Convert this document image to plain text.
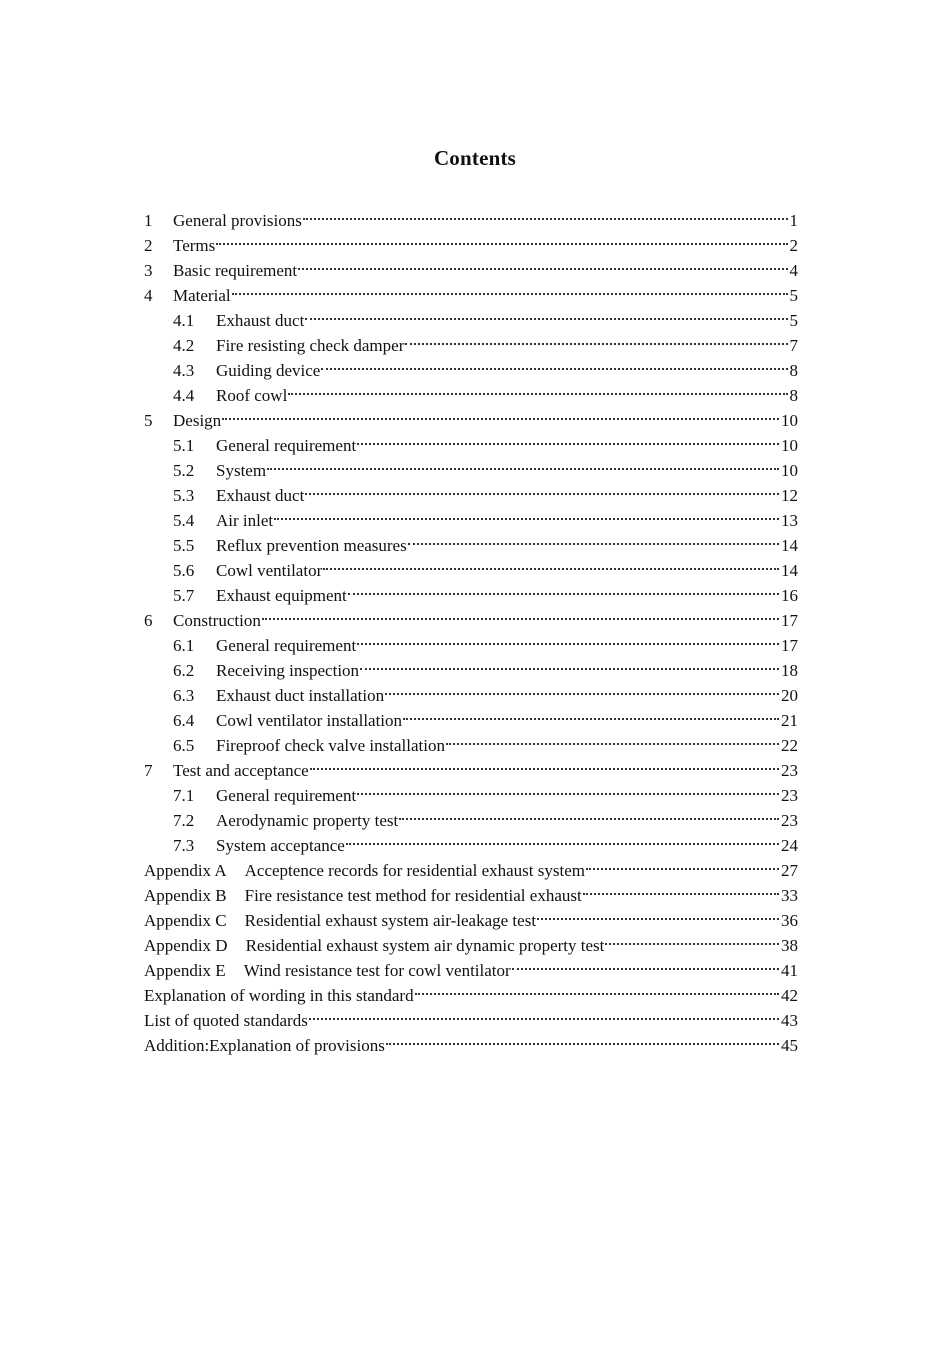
Contents
1	General provisions	1
2	Terms	2
3	Basic requirement	4
4	Material	5
4.1	Exhaust duct	5
4.2	Fire resisting check damper	7
4.3	Guiding device	8
4.4	Roof cowl	8
5	Design	10
5.1	General requirement	10
5.2	System	10
5.3	Exhaust duct	12
5.4	Air inlet	13
5.5	Reflux prevention measures	14
5.6	Cowl ventilator	14
5.7	Exhaust equipment	16
6	Construction	17
6.1	General requirement	17
6.2	Receiving inspection	18
6.3	Exhaust duct installation	20
6.4	Cowl ventilator installation	21
6.5	Fireproof check valve installation	22
7	Test and acceptance	23
7.1	General requirement	23
7.2	Aerodynamic property test	23
7.3	System acceptance	24
Appendix A Acceptence records for residential exhaust system	27
Appendix B Fire resistance test method for residential exhaust	33
Appendix C Residential exhaust system air-leakage test	36
Appendix D Residential exhaust system air dynamic property test	38
Appendix E Wind resistance test for cowl ventilator	41
Explanation of wording in this standard	42
List of quoted standards	43
Addition:Explanation of provisions	45
